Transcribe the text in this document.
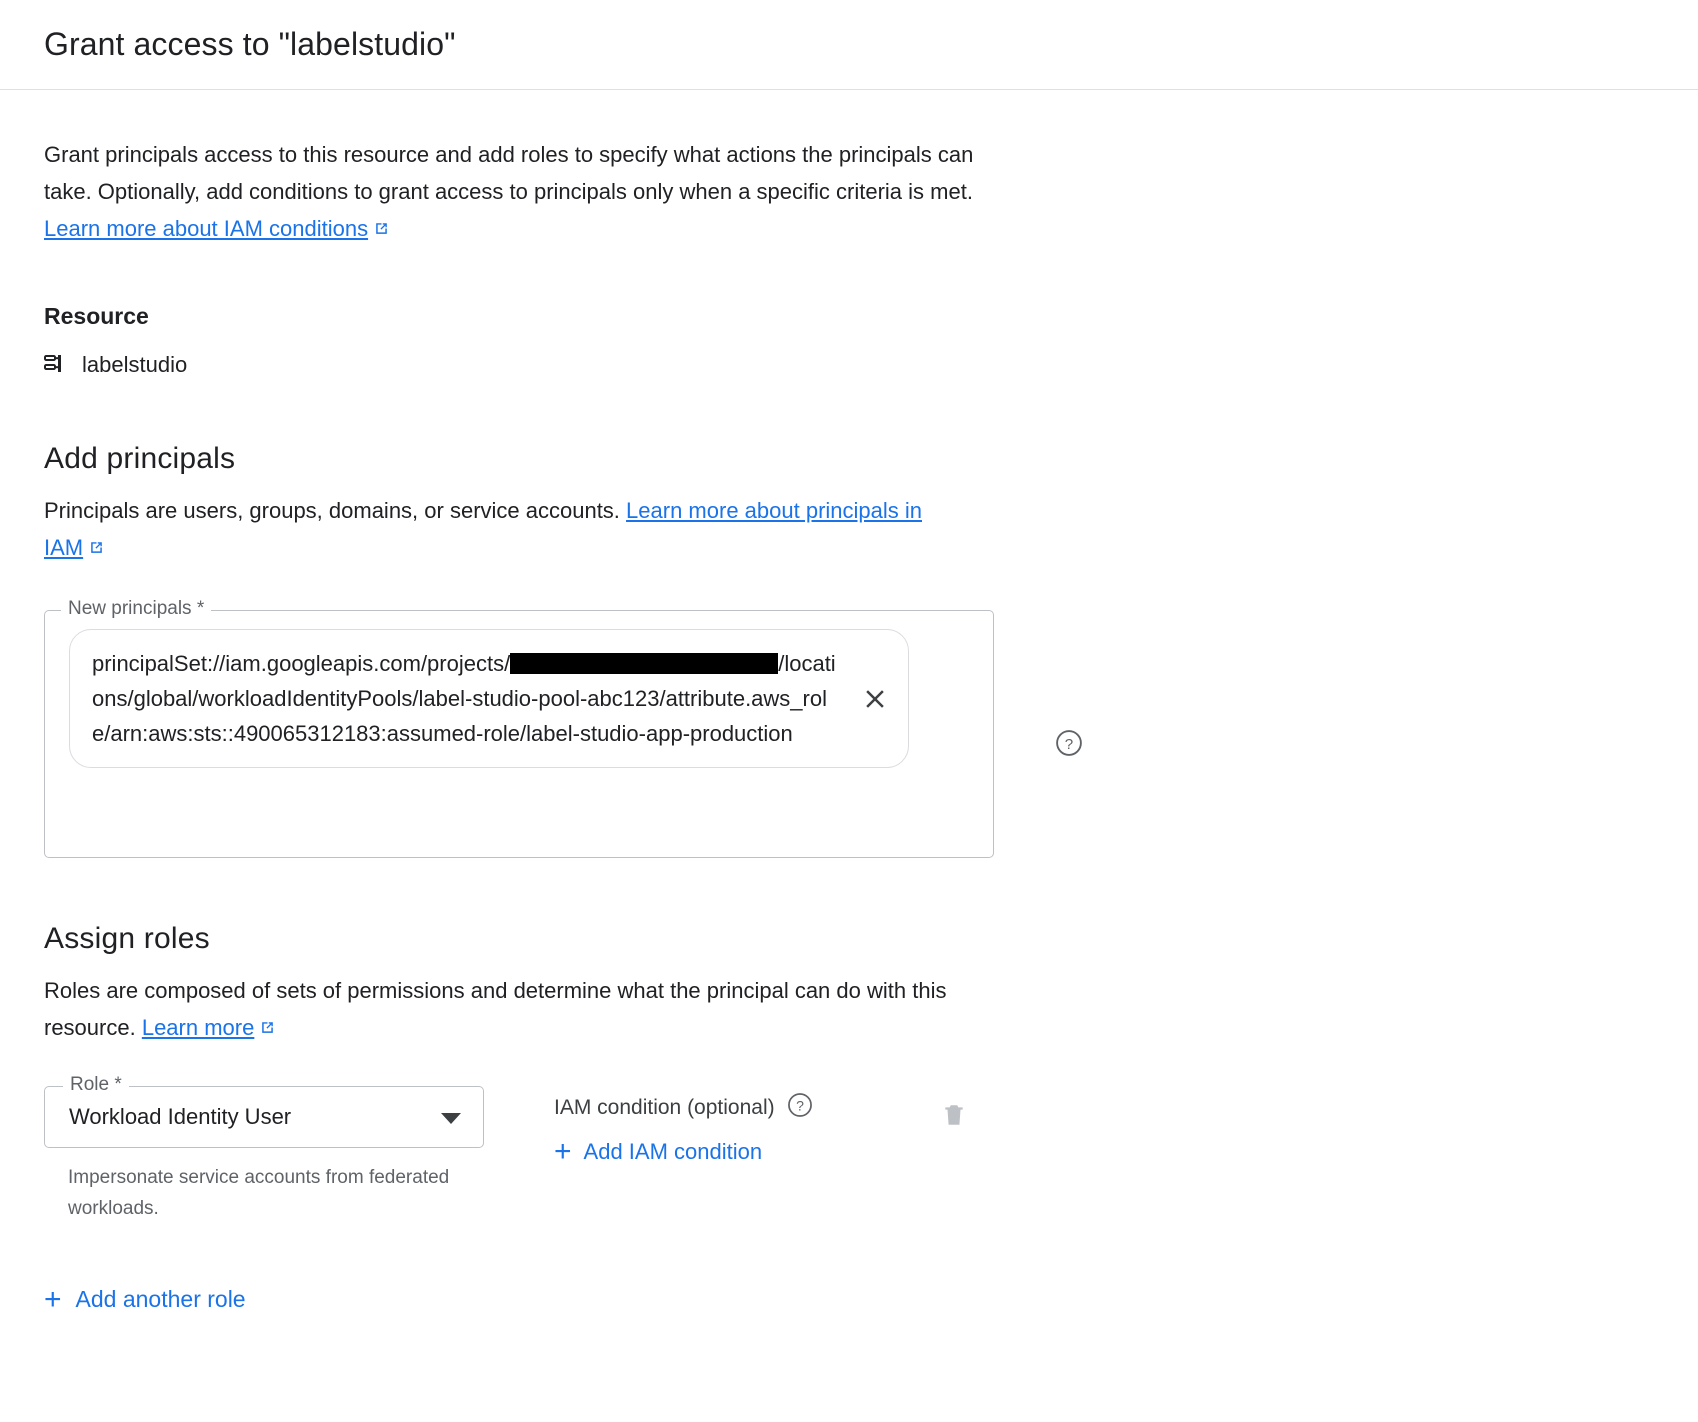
Grant access to "labelstudio"
Grant principals access to this resource and add roles to specify what actions the principals can take. Optionally, add conditions to grant access to principals only when a specific criteria is met. Learn more about IAM conditions
Resource
labelstudio
Add principals
Principals are users, groups, domains, or service accounts. Learn more about principals in IAM
New principals *
principalSet://iam.googleapis.com/projects/	/locations/global/workloadIdentityPools/label-studio-pool-abc123/attribute.aws_role/arn:aws:sts::490065312183:assumed-role/label-studio-app-production	?
Assign roles
Roles are composed of sets of permissions and determine what the principal can do with this resource. Learn more
Role *
Workload Identity User
Impersonate service accounts from federated workloads.
IAM condition (optional) ?
+ Add IAM condition
+ Add another role
